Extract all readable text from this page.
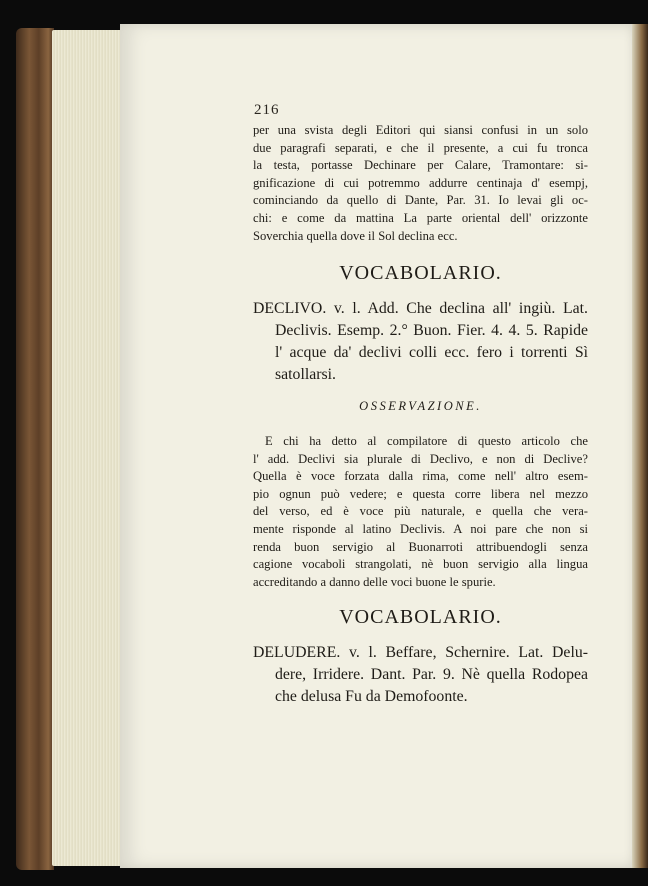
216
per una svista degli Editori qui siansi confusi in un solo
due paragrafi separati, e che il presente, a cui fu tronca
la testa, portasse Dechinare per Calare, Tramontare: si-
gnificazione di cui potremmo addurre centinaja d' esempj,
cominciando da quello di Dante, Par. 31. Io levai gli oc-
chi: e come da mattina La parte oriental dell' orizzonte
Soverchia quella dove il Sol declina ecc.
VOCABOLARIO.
DECLIVO. v. l. Add. Che declina all' ingiù. Lat.
Declivis. Esemp. 2.° Buon. Fier. 4. 4. 5. Rapide
l' acque da' declivi colli ecc. fero i torrenti Sì
satollarsi.
OSSERVAZIONE.
E chi ha detto al compilatore di questo articolo che
l' add. Declivi sia plurale di Declivo, e non di Declive?
Quella è voce forzata dalla rima, come nell' altro esem-
pio ognun può vedere; e questa corre libera nel mezzo
del verso, ed è voce più naturale, e quella che vera-
mente risponde al latino Declivis. A noi pare che non si
renda buon servigio al Buonarroti attribuendogli senza
cagione vocaboli strangolati, nè buon servigio alla lingua
accreditando a danno delle voci buone le spurie.
VOCABOLARIO.
DELUDERE. v. l. Beffare, Schernire. Lat. Delu-
dere, Irridere. Dant. Par. 9. Nè quella Rodopea
che delusa Fu da Demofoonte.
